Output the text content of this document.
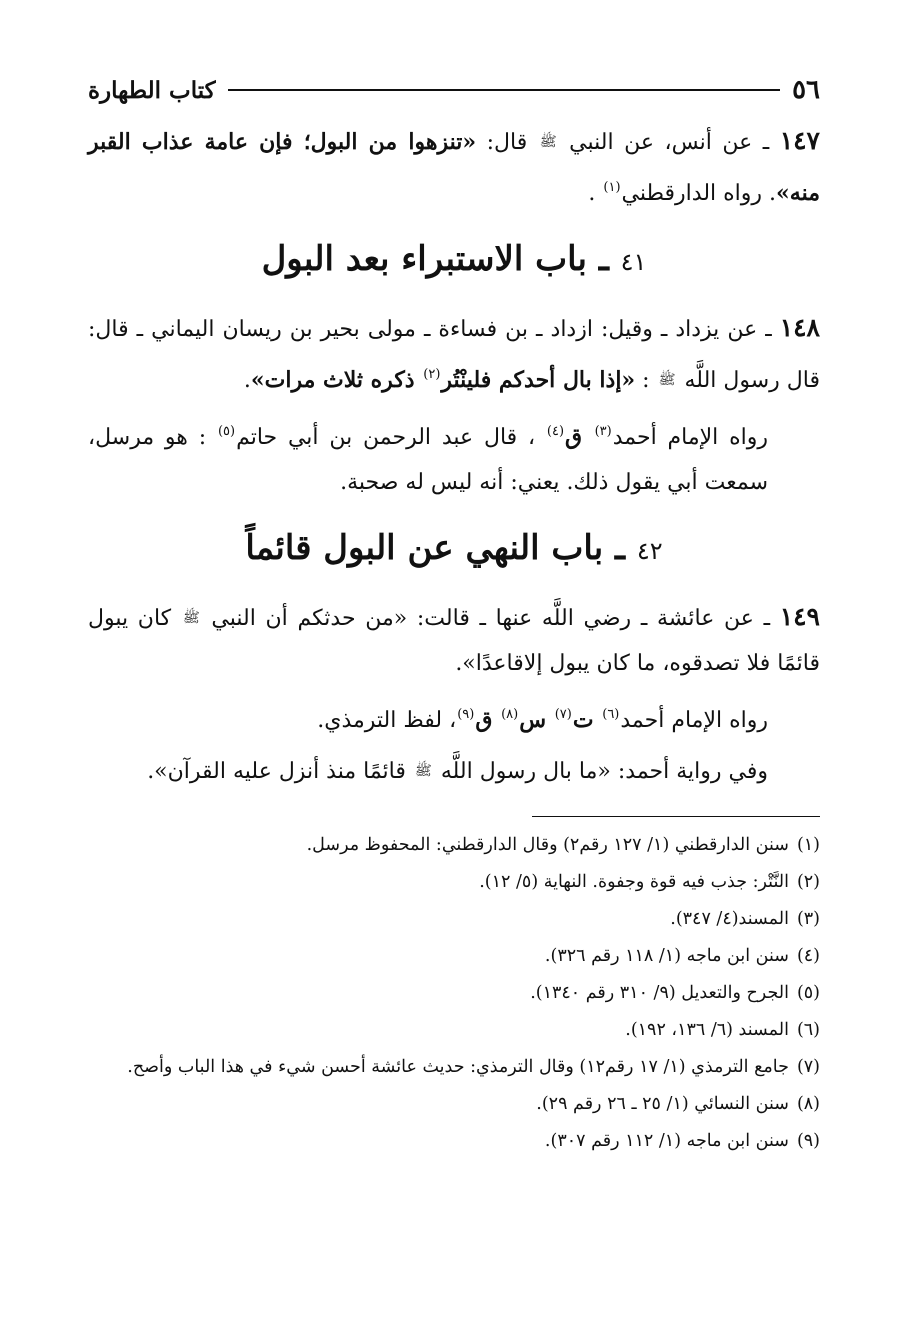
٥٦
كتاب الطهارة

١٤٧ ـ عن أنس، عن النبي ﷺ قال: «تنزهوا من البول؛ فإن عامة عذاب القبر منه». رواه الدارقطني$^{(١)}$ .

٤١ ـ باب الاستبراء بعد البول

١٤٨ ـ عن يزداد ـ وقيل: ازداد ـ بن فساءة ـ مولى بحير بن ريسان اليماني ـ قال: قال رسول اللَّه ﷺ : «إذا بال أحدكم فلينْتُر$^{(٢)}$ ذكره ثلاث مرات».

رواه الإمام أحمد$^{(٣)}$ ق$^{(٤)}$ ، قال عبد الرحمن بن أبي حاتم$^{(٥)}$ : هو مرسل، سمعت أبي يقول ذلك. يعني: أنه ليس له صحبة.

٤٢ ـ باب النهي عن البول قائماً

١٤٩ ـ عن عائشة ـ رضي اللَّه عنها ـ قالت: «من حدثكم أن النبي ﷺ كان يبول قائمًا فلا تصدقوه، ما كان يبول إلاقاعدًا».

رواه الإمام أحمد$^{(٦)}$ ت$^{(٧)}$ س$^{(٨)}$ ق$^{(٩)}$، لفظ الترمذي.

وفي رواية أحمد: «ما بال رسول اللَّه ﷺ قائمًا منذ أنزل عليه القرآن».

(١)
سنن الدارقطني (١/ ١٢٧ رقم٢) وقال الدارقطني: المحفوظ مرسل.
(٢)
النَّتْر: جذب فيه قوة وجفوة. النهاية (٥/ ١٢).
(٣)
المسند(٤/ ٣٤٧).
(٤)
سنن ابن ماجه (١/ ١١٨ رقم ٣٢٦).
(٥)
الجرح والتعديل (٩/ ٣١٠ رقم ١٣٤٠).
(٦)
المسند (٦/ ١٣٦، ١٩٢).
(٧)
جامع الترمذي (١/ ١٧ رقم١٢) وقال الترمذي: حديث عائشة أحسن شيء في هذا الباب وأصح.
(٨)
سنن النسائي (١/ ٢٥ ـ ٢٦ رقم ٢٩).
(٩)
سنن ابن ماجه (١/ ١١٢ رقم ٣٠٧).
